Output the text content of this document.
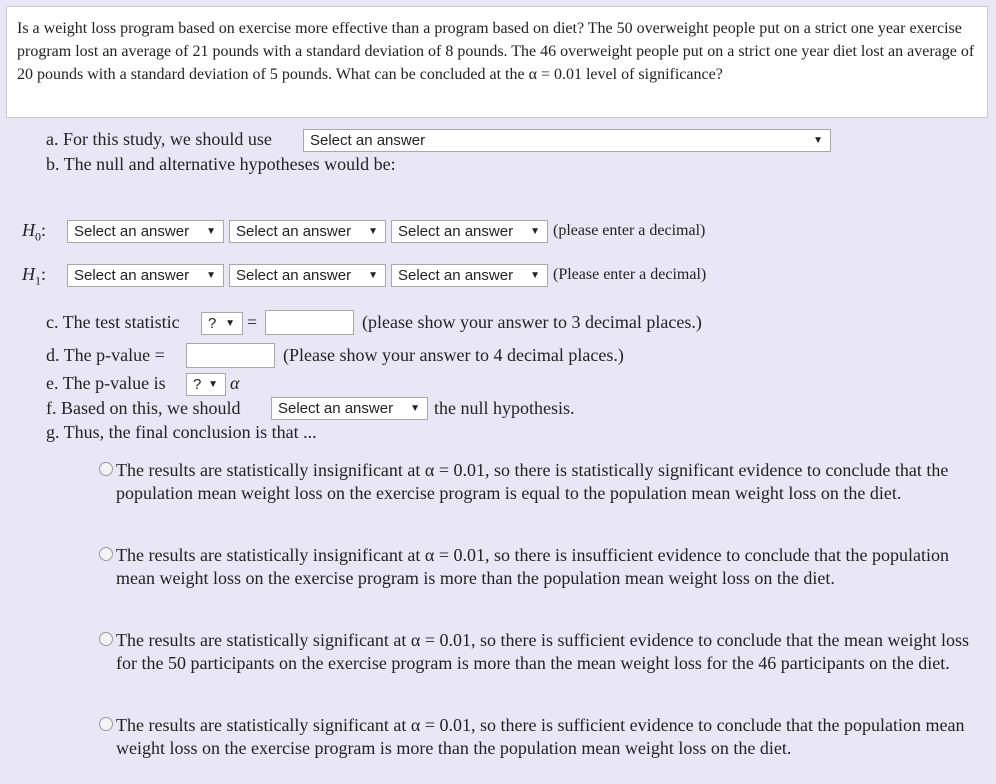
Is a weight loss program based on exercise more effective than a program based on diet? The 50 overweight people put on a strict one year exercise program lost an average of 21 pounds with a standard deviation of 8 pounds. The 46 overweight people put on a strict one year diet lost an average of 20 pounds with a standard deviation of 5 pounds. What can be concluded at the α = 0.01 level of significance?
a. For this study, we should use	Select an answer	▼
b. The null and alternative hypotheses would be:
$H_0$:	Select an answer ▼	Select an answer ▼	Select an answer ▼ (please enter a decimal)
$H_1$:	Select an answer ▼	Select an answer ▼	Select an answer ▼ (Please enter a decimal)
c. The test statistic	? ▼ =	(please show your answer to 3 decimal places.)
d. The p-value =	(Please show your answer to 4 decimal places.)
e. The p-value is	? ▼ α
f. Based on this, we should	Select an answer ▼ the null hypothesis.
g. Thus, the final conclusion is that ...
The results are statistically insignificant at α = 0.01, so there is statistically significant evidence to conclude that the population mean weight loss on the exercise program is equal to the population mean weight loss on the diet.
The results are statistically insignificant at α = 0.01, so there is insufficient evidence to conclude that the population mean weight loss on the exercise program is more than the population mean weight loss on the diet.
The results are statistically significant at α = 0.01, so there is sufficient evidence to conclude that the mean weight loss for the 50 participants on the exercise program is more than the mean weight loss for the 46 participants on the diet.
The results are statistically significant at α = 0.01, so there is sufficient evidence to conclude that the population mean weight loss on the exercise program is more than the population mean weight loss on the diet.
